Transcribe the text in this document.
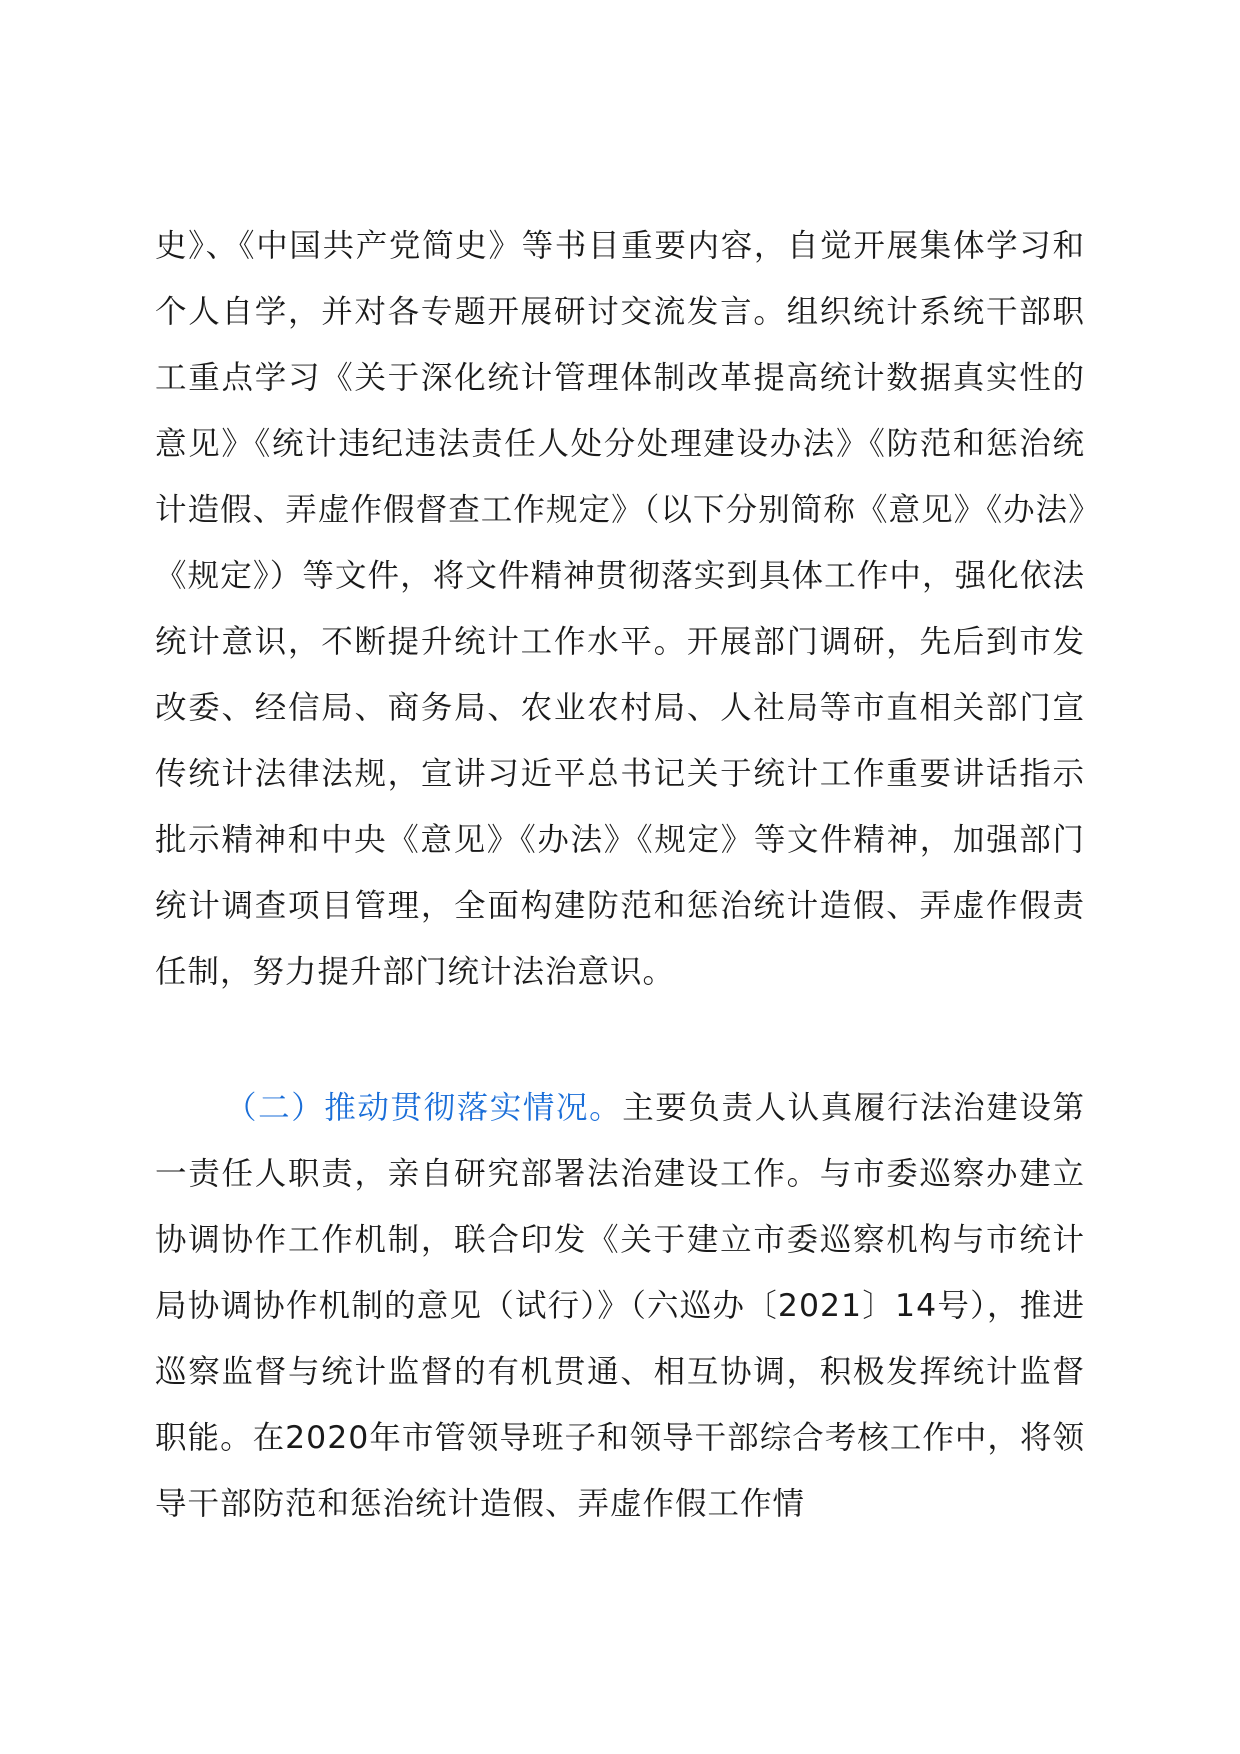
史》、《中国共产党简史》等书目重要内容，自觉开展集体学习和个人自学，并对各专题开展研讨交流发言。组织统计系统干部职工重点学习《关于深化统计管理体制改革提高统计数据真实性的意见》《统计违纪违法责任人处分处理建设办法》《防范和惩治统计造假、弄虚作假督查工作规定》（以下分别简称《意见》《办法》《规定》）等文件，将文件精神贯彻落实到具体工作中，强化依法统计意识，不断提升统计工作水平。开展部门调研，先后到市发改委、经信局、商务局、农业农村局、人社局等市直相关部门宣传统计法律法规，宣讲习近平总书记关于统计工作重要讲话指示批示精神和中央《意见》《办法》《规定》等文件精神，加强部门统计调查项目管理，全面构建防范和惩治统计造假、弄虚作假责任制，努力提升部门统计法治意识。

（二）推动贯彻落实情况。主要负责人认真履行法治建设第一责任人职责，亲自研究部署法治建设工作。与市委巡察办建立协调协作工作机制，联合印发《关于建立市委巡察机构与市统计局协调协作机制的意见（试行）》（六巡办〔2021〕14号），推进巡察监督与统计监督的有机贯通、相互协调，积极发挥统计监督职能。在2020年市管领导班子和领导干部综合考核工作中，将领导干部防范和惩治统计造假、弄虚作假工作情
